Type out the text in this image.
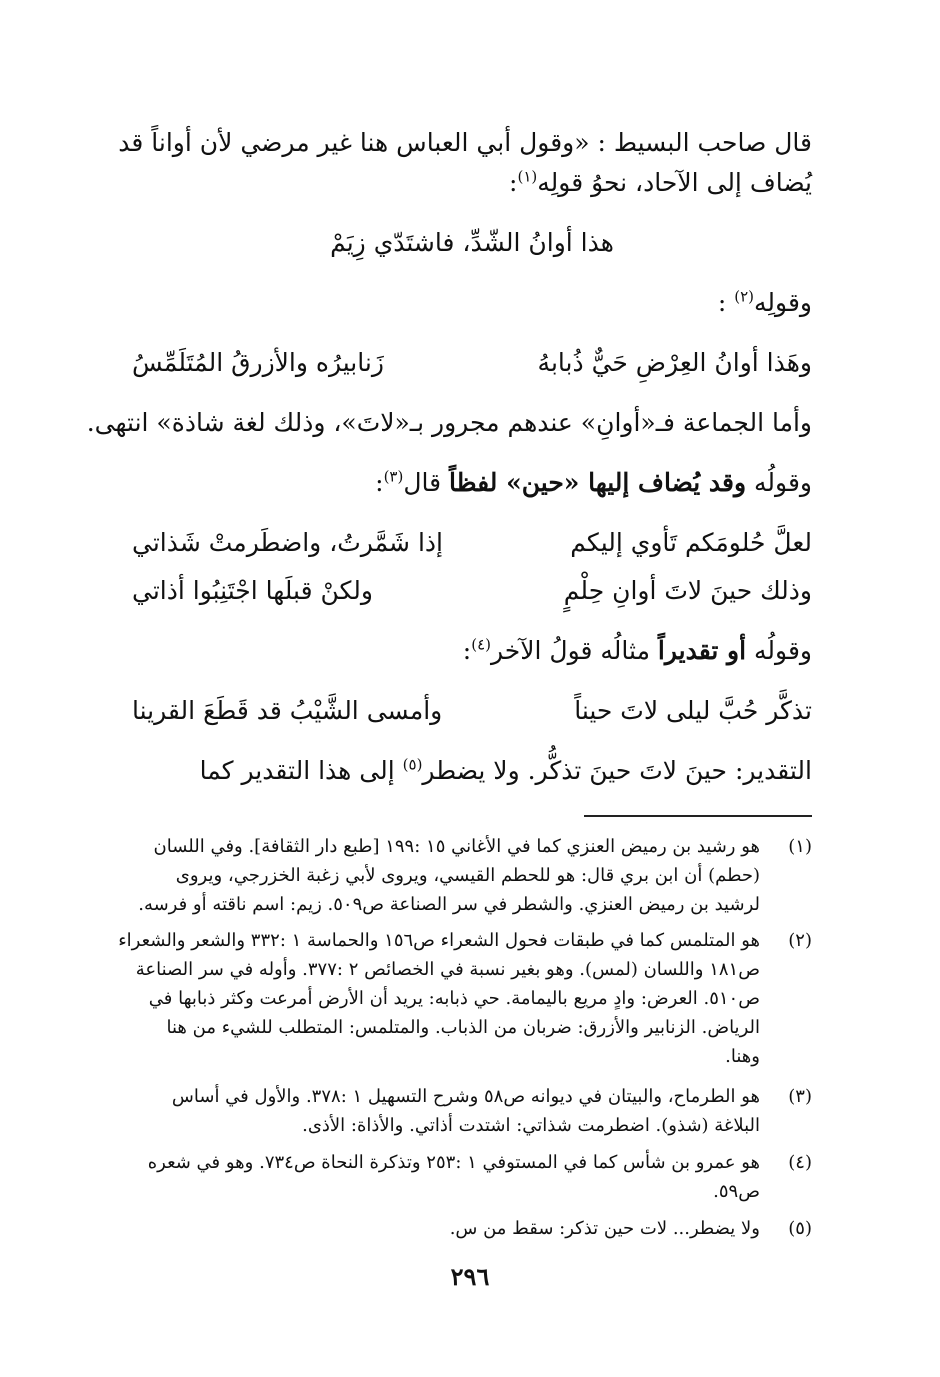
قال صاحب البسيط : «وقول أبي العباس هنا غير مرضي لأن أواناً قد

يُضاف إلى الآحاد، نحوُ قولِه$^{(١)}$:

هذا أوانُ الشّدِّ، فاشتَدّي زِيَمْ

وقولِه$^{(٢)}$ :

وهَذا أوانُ العِرْضِ حَيٌّ ذُبابهُ
زَنابيرُه والأزرقُ المُتَلَمِّسُ

وأما الجماعة فـ«أوانِ» عندهم مجرور بـ«لاتَ»، وذلك لغة شاذة» انتهى.

وقولُه وقد يُضاف إليها «حين» لفظاً قال$^{(٣)}$:

لعلَّ حُلومَكم تَأوي إليكم
إذا شَمَّرتُ، واضطَرمتْ شَذاتي
وذلك حينَ لاتَ أوانِ حِلْمٍ
ولكنْ قبلَها اجْتَنِبُوا أذاتي

وقولُه أو تقديراً مثالُه قولُ الآخر$^{(٤)}$:

تذكَّر حُبَّ ليلى لاتَ حيناً
وأمسى الشَّيْبُ قد قَطَعَ القرينا

التقدير: حينَ لاتَ حينَ تذكُّر. ولا يضطر$^{(٥)}$ إلى هذا التقدير كما

(١)
هو رشيد بن رميض العنزي كما في الأغاني ١٥ :١٩٩ [طبع دار الثقافة]. وفي اللسان
(حطم) أن ابن بري قال: هو للحطم القيسي، ويروى لأبي زغبة الخزرجي، ويروى
لرشيد بن رميض العنزي. والشطر في سر الصناعة ص٥٠٩. زيم: اسم ناقته أو فرسه.
(٢)
هو المتلمس كما في طبقات فحول الشعراء ص١٥٦ والحماسة ١ :٣٣٢ والشعر والشعراء
ص١٨١ واللسان (لمس). وهو بغير نسبة في الخصائص ٢ :٣٧٧. وأوله في سر الصناعة
ص٥١٠. العرض: وادٍ مريع باليمامة. حي ذبابه: يريد أن الأرض أمرعت وكثر ذبابها في
الرياض. الزنابير والأزرق: ضربان من الذباب. والمتلمس: المتطلب للشيء من هنا
وهنا.
(٣)
هو الطرماح، والبيتان في ديوانه ص٥٨ وشرح التسهيل ١ :٣٧٨. والأول في أساس
البلاغة (شذو). اضطرمت شذاتي: اشتدت أذاتي. والأذاة: الأذى.
(٤)
هو عمرو بن شأس كما في المستوفي ١ :٢٥٣ وتذكرة النحاة ص٧٣٤. وهو في شعره
ص٥٩.
(٥)
ولا يضطر... لات حين تذكر: سقط من س.
٢٩٦
